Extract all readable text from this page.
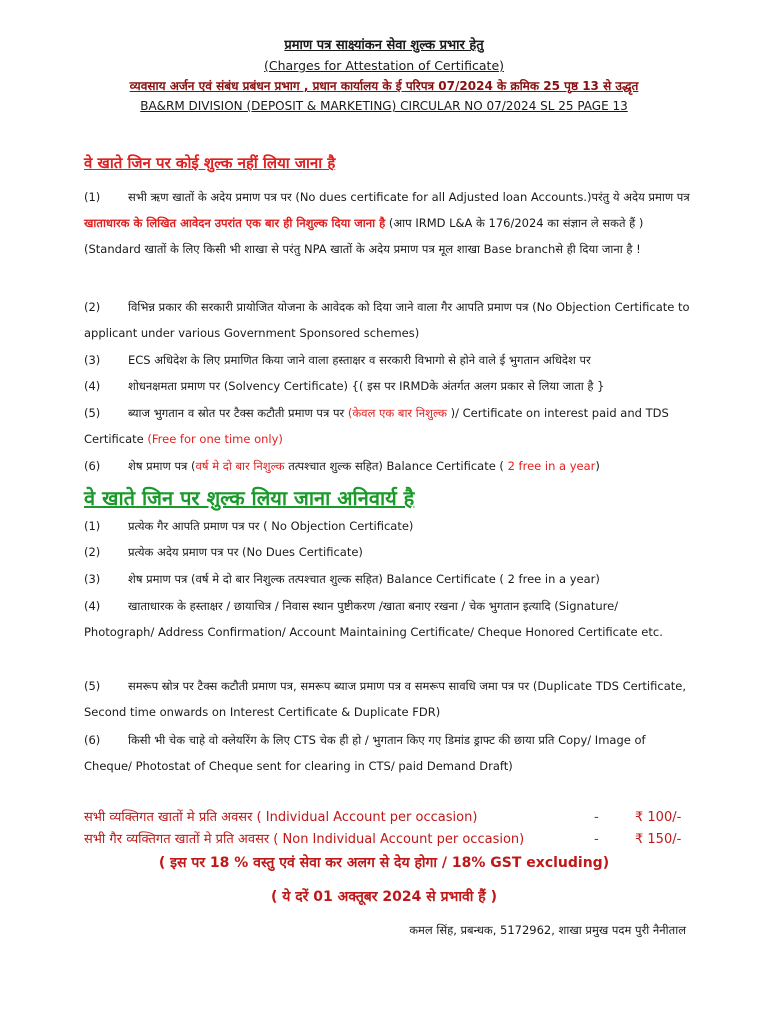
प्रमाण पत्र साक्ष्यांकन सेवा शुल्क प्रभार हेतु
(Charges for Attestation of Certificate)
व्यवसाय अर्जन एवं संबंध प्रबंधन प्रभाग , प्रधान कार्यालय के ई परिपत्र 07/2024 के क्रमिक 25 पृष्ठ 13 से उद्धृत
BA&RM DIVISION (DEPOSIT & MARKETING) CIRCULAR NO 07/2024 SL 25 PAGE 13
वे खाते जिन पर कोई शुल्क नहीं लिया जाना है
(1) सभी ऋण खातों के अदेय प्रमाण पत्र पर (No dues certificate for all Adjusted loan Accounts.)परंतु ये अदेय प्रमाण पत्र खाताधारक के लिखित आवेदन उपरांत एक बार ही निशुल्क दिया जाना है (आप IRMD L&A के 176/2024 का संज्ञान ले सकते हैं )(Standard खातों के लिए किसी भी शाखा से परंतु NPA खातों के अदेय प्रमाण पत्र मूल शाखा Base branchसे ही दिया जाना है !
(2) विभिन्न प्रकार की सरकारी प्रायोजित योजना के आवेदक को दिया जाने वाला गैर आपति प्रमाण पत्र (No Objection Certificate to applicant under various Government Sponsored schemes)
(3) ECS अधिदेश के लिए प्रमाणित किया जाने वाला हस्ताक्षर व सरकारी विभागो से होने वाले ई भुगतान अधिदेश पर
(4) शोधनक्षमता प्रमाण पर (Solvency Certificate) {( इस पर IRMDके अंतर्गत अलग प्रकार से लिया जाता है }
(5) ब्याज भुगतान व स्रोत पर टैक्स कटौती प्रमाण पत्र पर (केवल एक बार निशुल्क )/ Certificate on interest paid and TDS Certificate (Free for one time only)
(6) शेष प्रमाण पत्र (वर्ष मे दो बार निशुल्क तत्पश्चात शुल्क सहित) Balance Certificate ( 2 free in a year)
वे खाते जिन पर शुल्क लिया जाना अनिवार्य है
(1) प्रत्येक गैर आपति प्रमाण पत्र पर ( No Objection Certificate)
(2) प्रत्येक अदेय प्रमाण पत्र पर (No Dues Certificate)
(3) शेष प्रमाण पत्र (वर्ष मे दो बार निशुल्क तत्पश्चात शुल्क सहित) Balance Certificate ( 2 free in a year)
(4) खाताधारक के हस्ताक्षर / छायाचित्र / निवास स्थान पुष्टीकरण /खाता बनाए रखना / चेक भुगतान इत्यादि (Signature/ Photograph/ Address Confirmation/ Account Maintaining Certificate/ Cheque Honored Certificate etc.
(5) समरूप स्रोत्र पर टैक्स कटौती प्रमाण पत्र, समरूप ब्याज प्रमाण पत्र व समरूप सावधि जमा पत्र पर (Duplicate TDS Certificate, Second time onwards on Interest Certificate & Duplicate FDR)
(6) किसी भी चेक चाहे वो क्लेयरिंग के लिए CTS चेक ही हो / भुगतान किए गए डिमांड ड्राफ्ट की छाया प्रति Copy/ Image of Cheque/ Photostat of Cheque sent for clearing in CTS/ paid Demand Draft)
सभी व्यक्तिगत खातों मे प्रति अवसर ( Individual Account per occasion)	-	₹ 100/-
सभी गैर व्यक्तिगत खातों मे प्रति अवसर ( Non Individual Account per occasion)	-	₹ 150/-
( इस पर 18 % वस्तु एवं सेवा कर अलग से देय होगा / 18% GST excluding)
( ये दरें 01 अक्तूबर 2024 से प्रभावी हैं )
कमल सिंह, प्रबन्धक, 5172962, शाखा प्रमुख पदम पुरी नैनीताल
